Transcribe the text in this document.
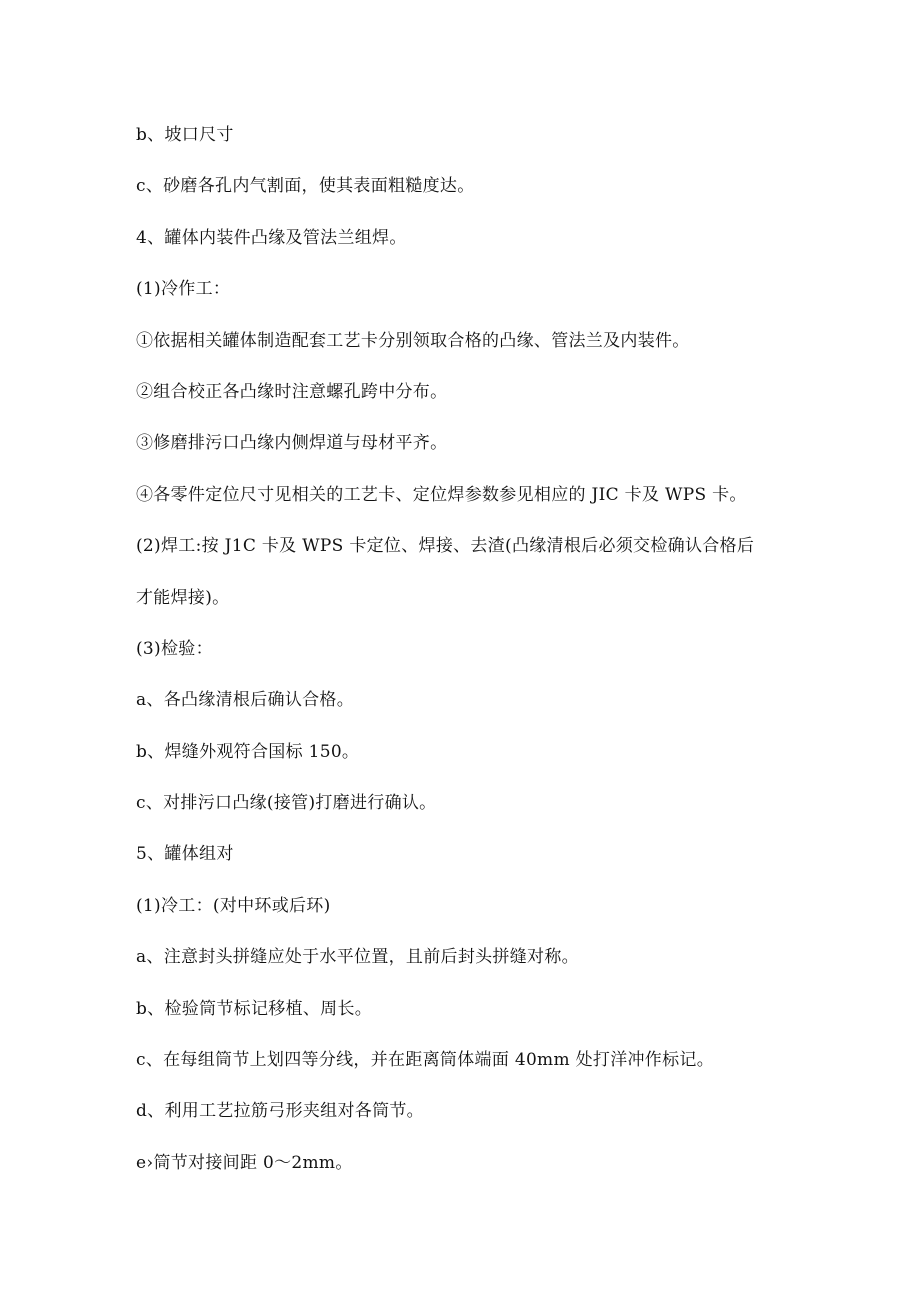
b、坡口尺寸
c、砂磨各孔内气割面，使其表面粗糙度达。
4、罐体内装件凸缘及管法兰组焊。
(1)冷作工：
①依据相关罐体制造配套工艺卡分别领取合格的凸缘、管法兰及内装件。
②组合校正各凸缘时注意螺孔跨中分布。
③修磨排污口凸缘内侧焊道与母材平齐。
④各零件定位尺寸见相关的工艺卡、定位焊参数参见相应的 JIC 卡及 WPS 卡。
(2)焊工:按 J1C 卡及 WPS 卡定位、焊接、去渣(凸缘清根后必须交检确认合格后
才能焊接)。
(3)检验：
a、各凸缘清根后确认合格。
b、焊缝外观符合国标 150。
c、对排污口凸缘(接管)打磨进行确认。
5、罐体组对
(1)冷工：(对中环或后环)
a、注意封头拼缝应处于水平位置，且前后封头拼缝对称。
b、检验筒节标记移植、周长。
c、在每组筒节上划四等分线，并在距离筒体端面 40mm 处打洋冲作标记。
d、利用工艺拉筋弓形夹组对各筒节。
e›筒节对接间距 0～2mm。
